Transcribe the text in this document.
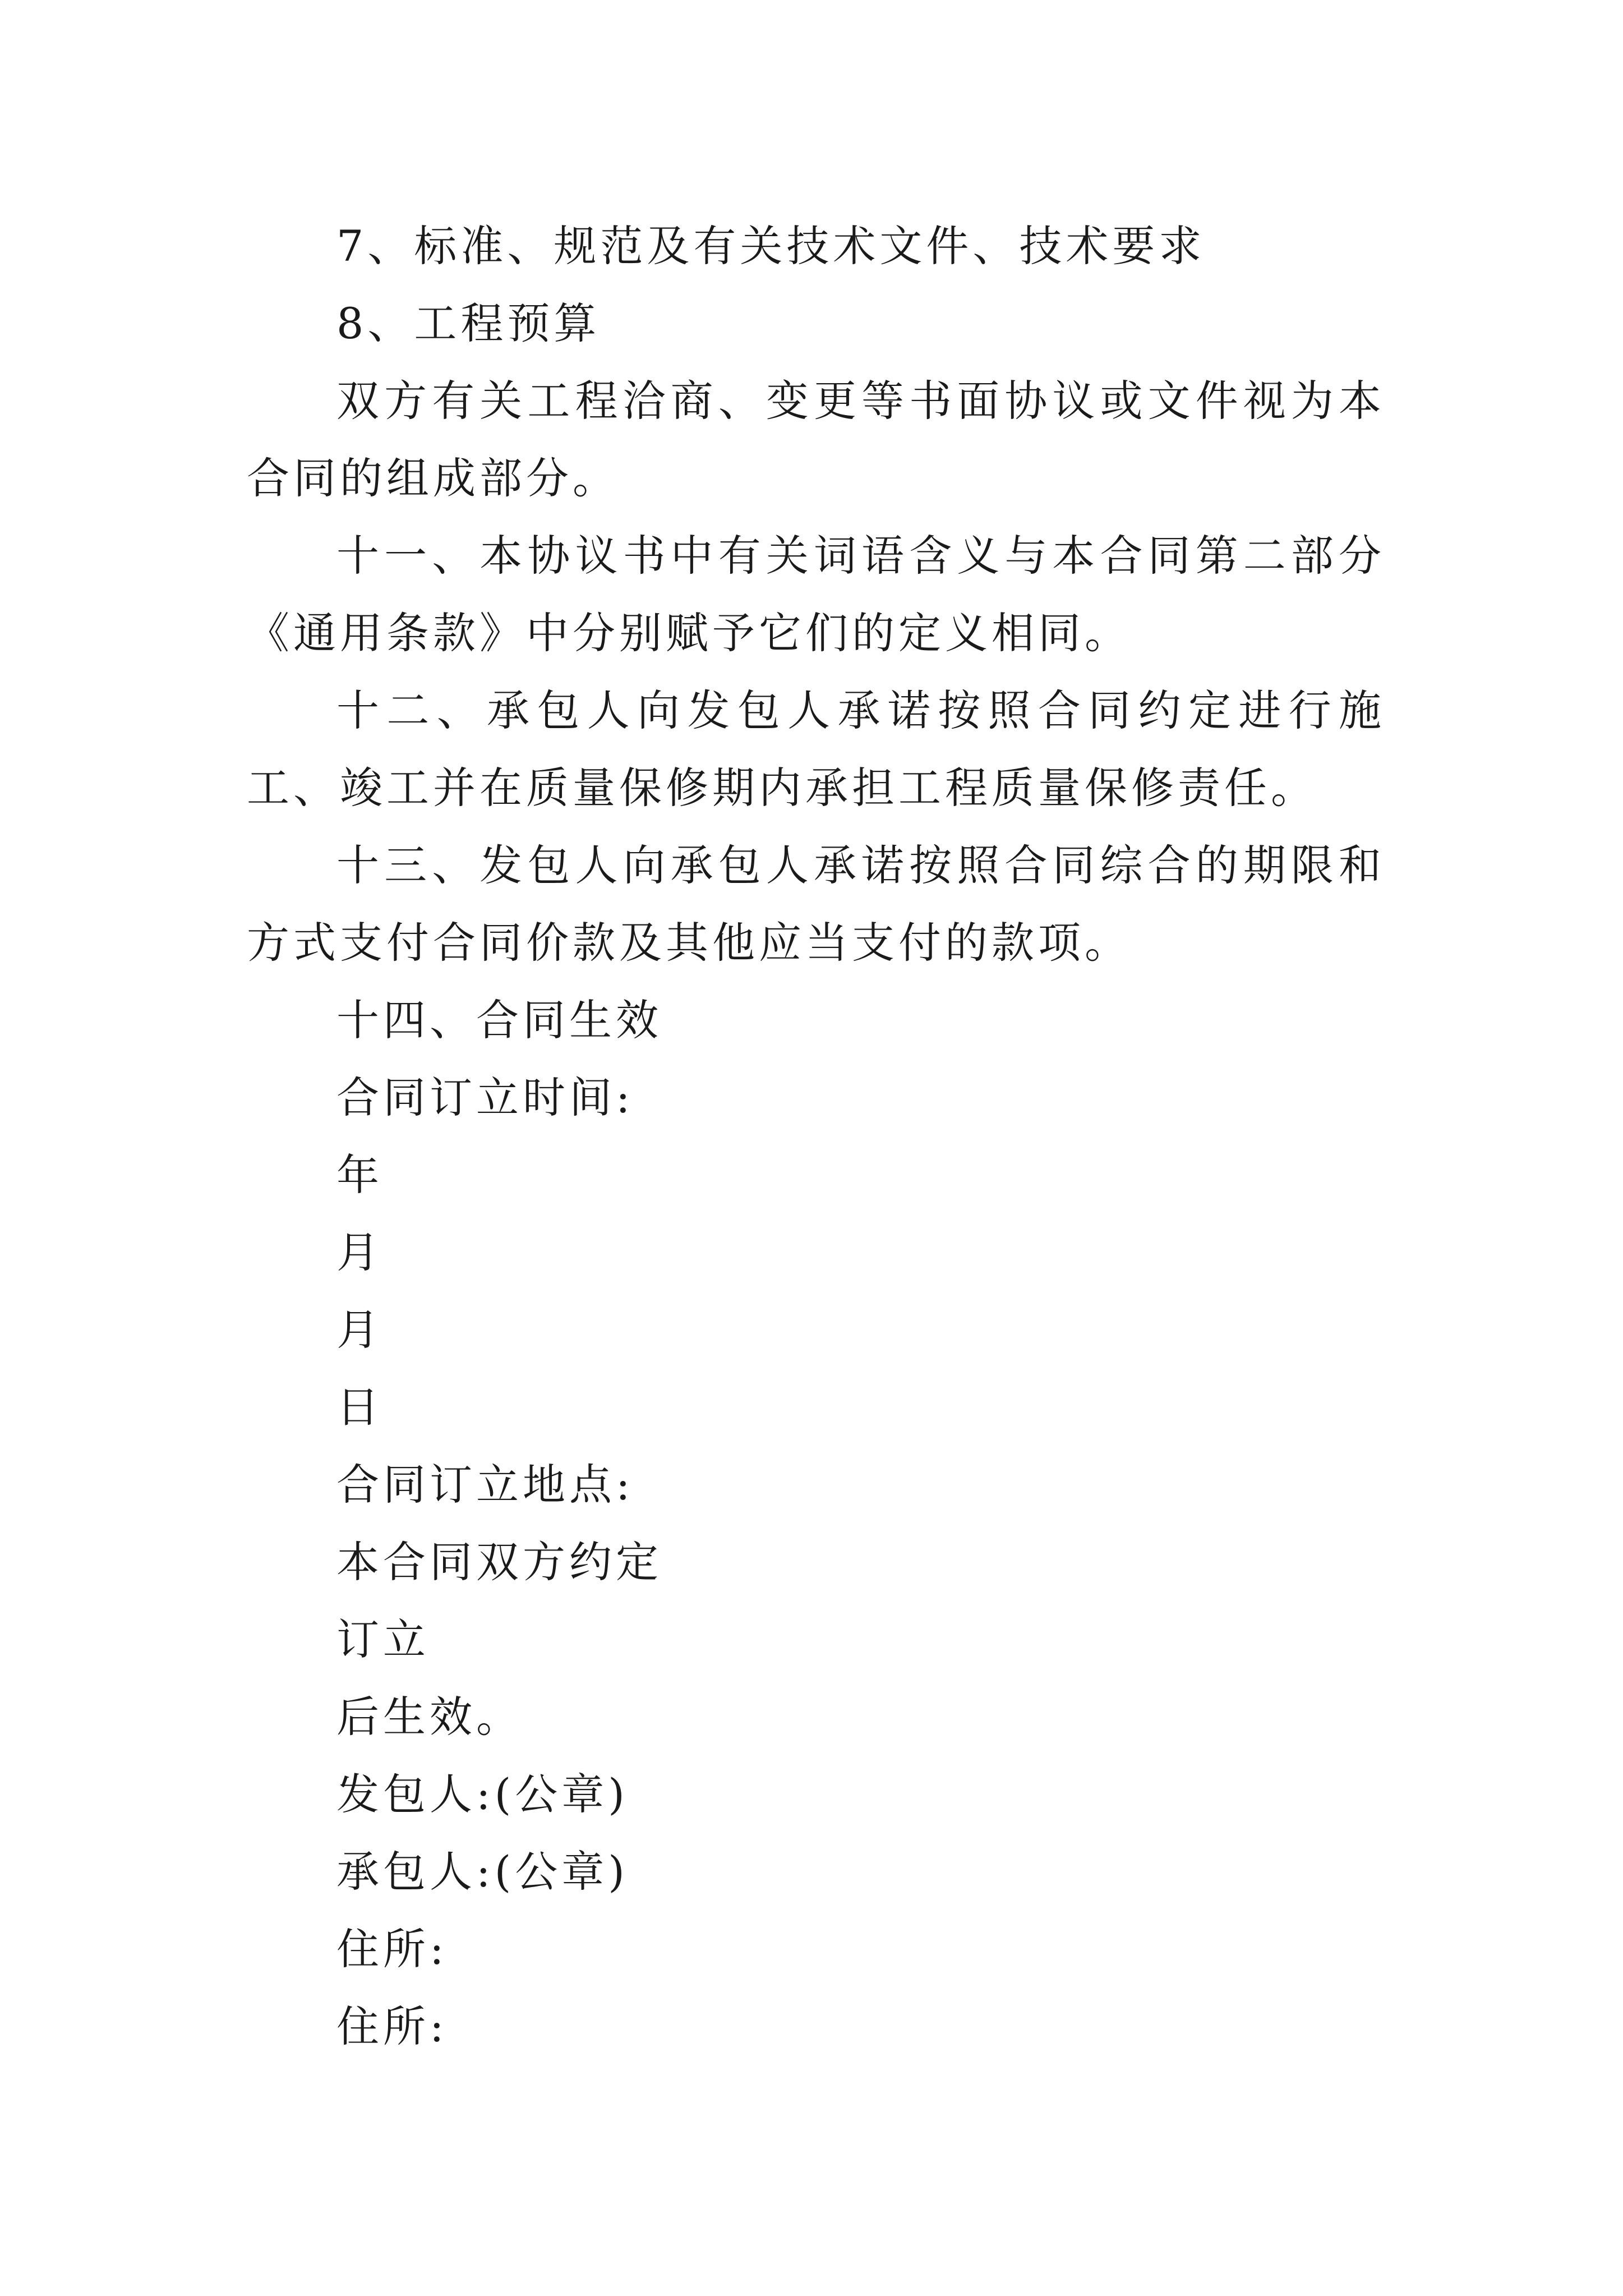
7、标准、规范及有关技术文件、技术要求

8、工程预算

双方有关工程洽商、变更等书面协议或文件视为本合同的组成部分。

十一、本协议书中有关词语含义与本合同第二部分《通用条款》中分别赋予它们的定义相同。

十二、承包人向发包人承诺按照合同约定进行施工、竣工并在质量保修期内承担工程质量保修责任。

十三、发包人向承包人承诺按照合同综合的期限和方式支付合同价款及其他应当支付的款项。

十四、合同生效

合同订立时间:

年

月

月

日

合同订立地点:

本合同双方约定

订立

后生效。

发包人:(公章)

承包人:(公章)

住所:

住所:
